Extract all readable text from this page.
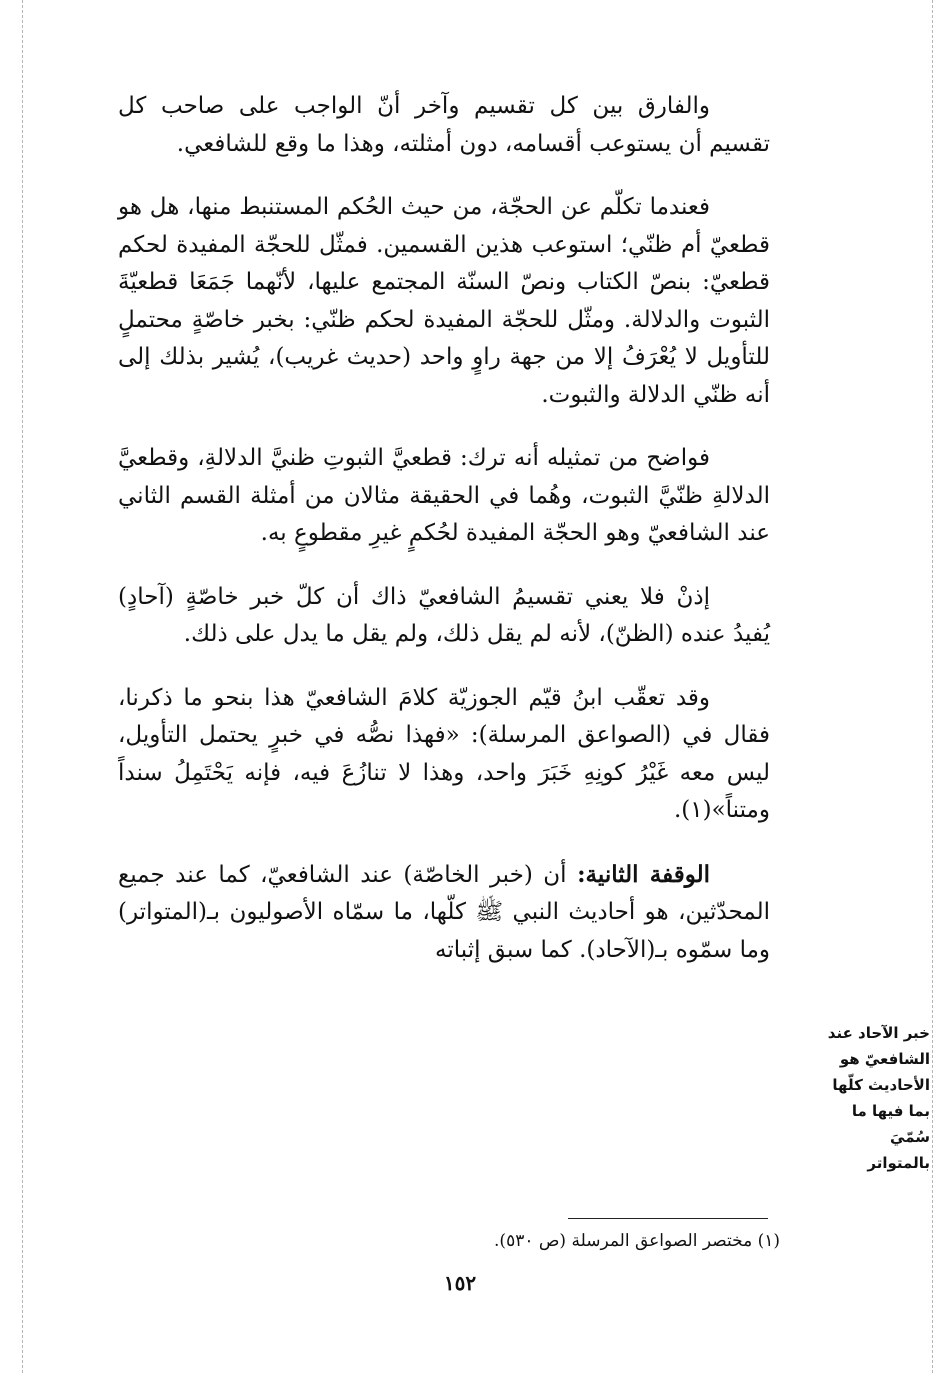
والفارق بين كل تقسيم وآخر أنّ الواجب على صاحب كل تقسيم أن يستوعب أقسامه، دون أمثلته، وهذا ما وقع للشافعي.

فعندما تكلّم عن الحجّة، من حيث الحُكم المستنبط منها، هل هو قطعيّ أم ظنّي؛ استوعب هذين القسمين. فمثّل للحجّة المفيدة لحكم قطعيّ: بنصّ الكتاب ونصّ السنّة المجتمع عليها، لأنّهما جَمَعَا قطعيّةَ الثبوت والدلالة. ومثّل للحجّة المفيدة لحكم ظنّي: بخبر خاصّةٍ محتملٍ للتأويل لا يُعْرَفُ إلا من جهة راوٍ واحد (حديث غريب)، يُشير بذلك إلى أنه ظنّي الدلالة والثبوت.

فواضح من تمثيله أنه ترك: قطعيَّ الثبوتِ ظنيَّ الدلالةِ، وقطعيَّ الدلالةِ ظنّيَّ الثبوت، وهُما في الحقيقة مثالان من أمثلة القسم الثاني عند الشافعيّ وهو الحجّة المفيدة لحُكمٍ غيرِ مقطوعٍ به.

إذنْ فلا يعني تقسيمُ الشافعيّ ذاك أن كلّ خبر خاصّةٍ (آحادٍ) يُفيدُ عنده (الظنّ)، لأنه لم يقل ذلك، ولم يقل ما يدل على ذلك.

وقد تعقّب ابنُ قيّم الجوزيّة كلامَ الشافعيّ هذا بنحو ما ذكرنا، فقال في (الصواعق المرسلة): «فهذا نصُّه في خبرٍ يحتمل التأويل، ليس معه غَيْرُ كونِهِ خَبَرَ واحد، وهذا لا تنازُعَ فيه، فإنه يَحْتَمِلُ سنداً ومتناً»(١).

الوقفة الثانية: أن (خبر الخاصّة) عند الشافعيّ، كما عند جميع المحدّثين، هو أحاديث النبي ﷺ كلّها، ما سمّاه الأصوليون بـ(المتواتر) وما سمّوه بـ(الآحاد). كما سبق إثباته

خبر الآحاد عند
الشافعيّ هو
الأحاديث كلّها
بما فيها ما سُمّيَ
بالمتواتر
(١) مختصر الصواعق المرسلة (ص ٥٣٠).
١٥٢
